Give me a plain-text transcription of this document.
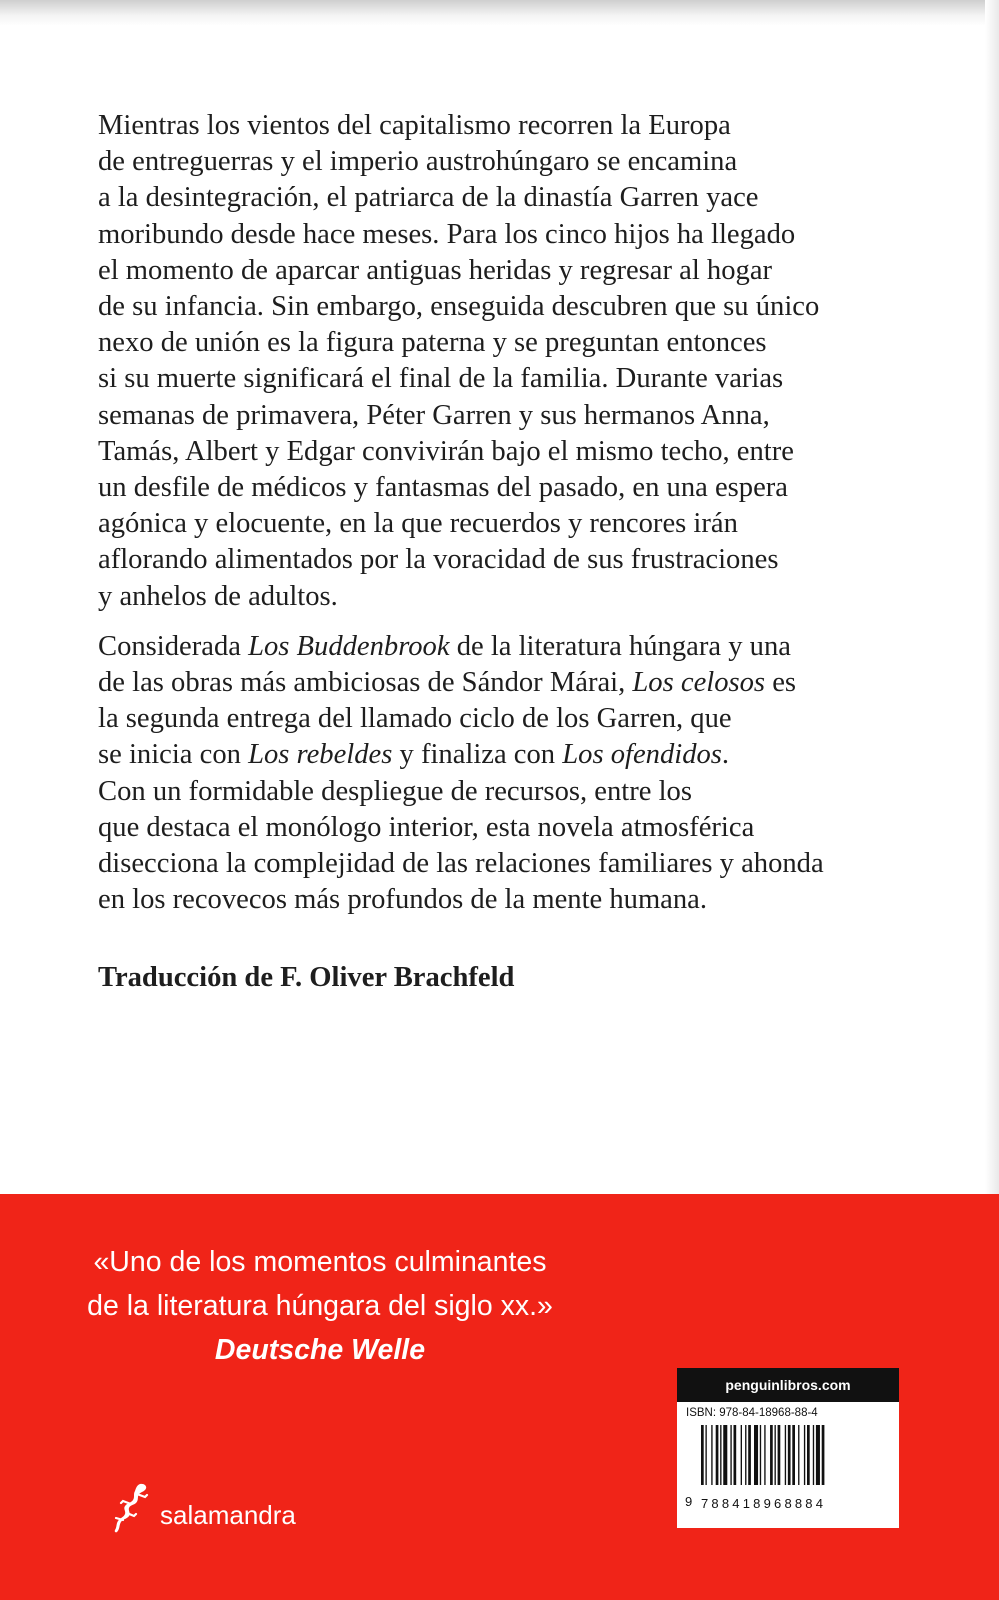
Mientras los vientos del capitalismo recorren la Europa
de entreguerras y el imperio austrohúngaro se encamina
a la desintegración, el patriarca de la dinastía Garren yace
moribundo desde hace meses. Para los cinco hijos ha llegado
el momento de aparcar antiguas heridas y regresar al hogar
de su infancia. Sin embargo, enseguida descubren que su único
nexo de unión es la figura paterna y se preguntan entonces
si su muerte significará el final de la familia. Durante varias
semanas de primavera, Péter Garren y sus hermanos Anna,
Tamás, Albert y Edgar convivirán bajo el mismo techo, entre
un desfile de médicos y fantasmas del pasado, en una espera
agónica y elocuente, en la que recuerdos y rencores irán
aflorando alimentados por la voracidad de sus frustraciones
y anhelos de adultos.

Considerada Los Buddenbrook de la literatura húngara y una
de las obras más ambiciosas de Sándor Márai, Los celosos es
la segunda entrega del llamado ciclo de los Garren, que
se inicia con Los rebeldes y finaliza con Los ofendidos.
Con un formidable despliegue de recursos, entre los
que destaca el monólogo interior, esta novela atmosférica
disecciona la complejidad de las relaciones familiares y ahonda
en los recovecos más profundos de la mente humana.

Traducción de F. Oliver Brachfeld
«Uno de los momentos culminantes
de la literatura húngara del siglo xx.»
Deutsche Welle
salamandra
penguinlibros.com
ISBN: 978-84-18968-88-4
9 788418968884
